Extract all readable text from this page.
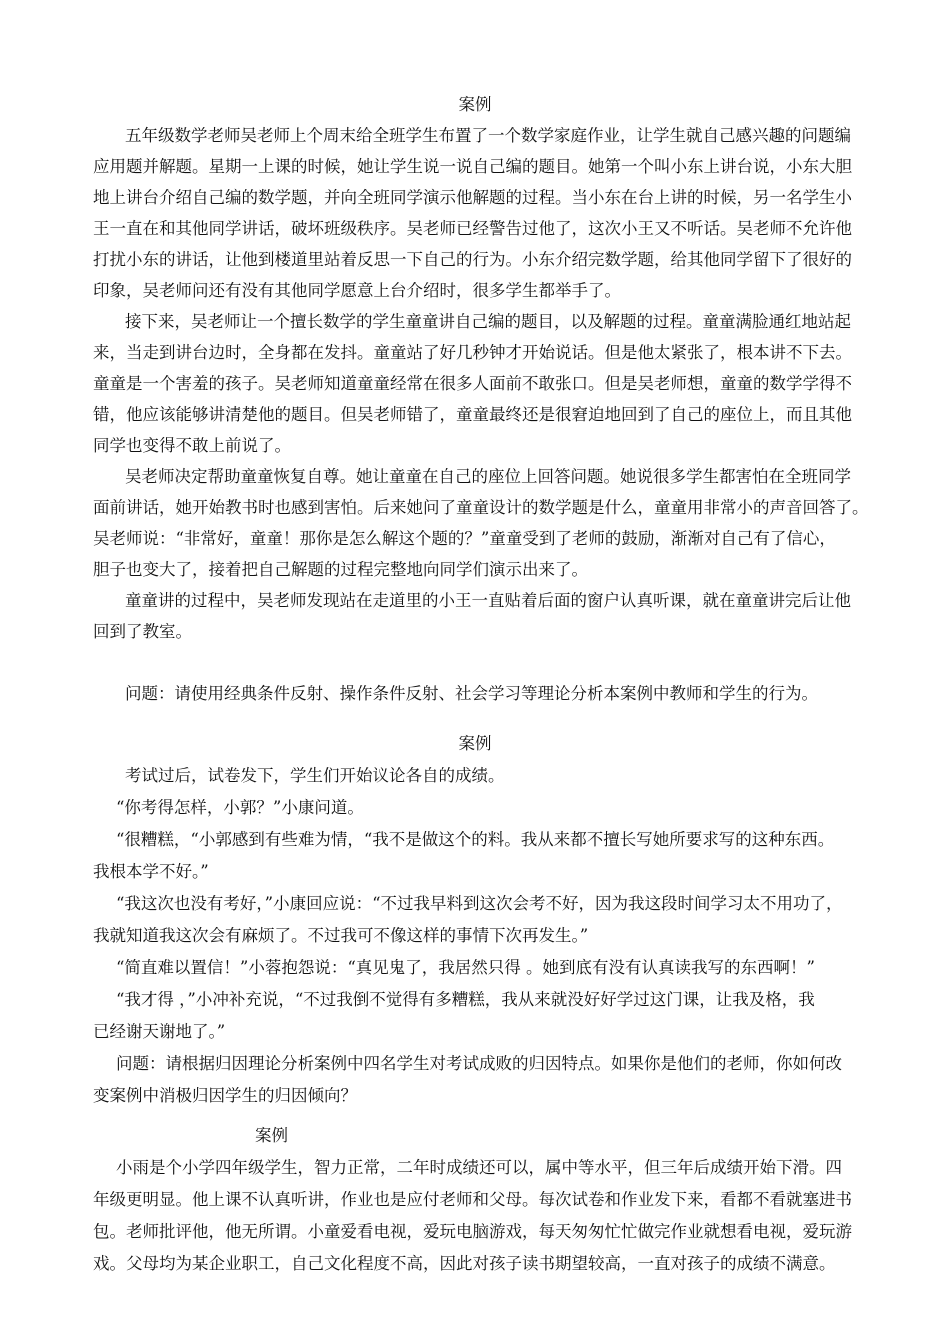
案例
五年级数学老师吴老师上个周末给全班学生布置了一个数学家庭作业，让学生就自己感兴趣的问题编
应用题并解题。星期一上课的时候，她让学生说一说自己编的题目。她第一个叫小东上讲台说，小东大胆
地上讲台介绍自己编的数学题，并向全班同学演示他解题的过程。当小东在台上讲的时候，另一名学生小
王一直在和其他同学讲话，破坏班级秩序。吴老师已经警告过他了，这次小王又不听话。吴老师不允许他
打扰小东的讲话，让他到楼道里站着反思一下自己的行为。小东介绍完数学题，给其他同学留下了很好的
印象，吴老师问还有没有其他同学愿意上台介绍时，很多学生都举手了。
接下来，吴老师让一个擅长数学的学生童童讲自己编的题目，以及解题的过程。童童满脸通红地站起
来，当走到讲台边时，全身都在发抖。童童站了好几秒钟才开始说话。但是他太紧张了，根本讲不下去。
童童是一个害羞的孩子。吴老师知道童童经常在很多人面前不敢张口。但是吴老师想，童童的数学学得不
错，他应该能够讲清楚他的题目。但吴老师错了，童童最终还是很窘迫地回到了自己的座位上，而且其他
同学也变得不敢上前说了。
吴老师决定帮助童童恢复自尊。她让童童在自己的座位上回答问题。她说很多学生都害怕在全班同学
面前讲话，她开始教书时也感到害怕。后来她问了童童设计的数学题是什么，童童用非常小的声音回答了。
吴老师说：“非常好，童童！那你是怎么解这个题的？”童童受到了老师的鼓励，渐渐对自己有了信心，
胆子也变大了，接着把自己解题的过程完整地向同学们演示出来了。
童童讲的过程中，吴老师发现站在走道里的小王一直贴着后面的窗户认真听课，就在童童讲完后让他
回到了教室。
问题：请使用经典条件反射、操作条件反射、社会学习等理论分析本案例中教师和学生的行为。
案例
考试过后，试卷发下，学生们开始议论各自的成绩。
“你考得怎样，小郭？”小康问道。
“很糟糕，“小郭感到有些难为情，“我不是做这个的料。我从来都不擅长写她所要求写的这种东西。
我根本学不好。”
“我这次也没有考好，”小康回应说：“不过我早料到这次会考不好，因为我这段时间学习太不用功了，
我就知道我这次会有麻烦了。不过我可不像这样的事情下次再发生。”
“简直难以置信！”小蓉抱怨说：“真见鬼了，我居然只得 。她到底有没有认真读我写的东西啊！”
“我才得 ，”小冲补充说，“不过我倒不觉得有多糟糕，我从来就没好好学过这门课，让我及格，我
已经谢天谢地了。”
问题：请根据归因理论分析案例中四名学生对考试成败的归因特点。如果你是他们的老师，你如何改
变案例中消极归因学生的归因倾向？
案例
小雨是个小学四年级学生，智力正常，二年时成绩还可以，属中等水平，但三年后成绩开始下滑。四
年级更明显。他上课不认真听讲，作业也是应付老师和父母。每次试卷和作业发下来，看都不看就塞进书
包。老师批评他，他无所谓。小童爱看电视，爱玩电脑游戏，每天匆匆忙忙做完作业就想看电视，爱玩游
戏。父母均为某企业职工，自己文化程度不高，因此对孩子读书期望较高，一直对孩子的成绩不满意。
